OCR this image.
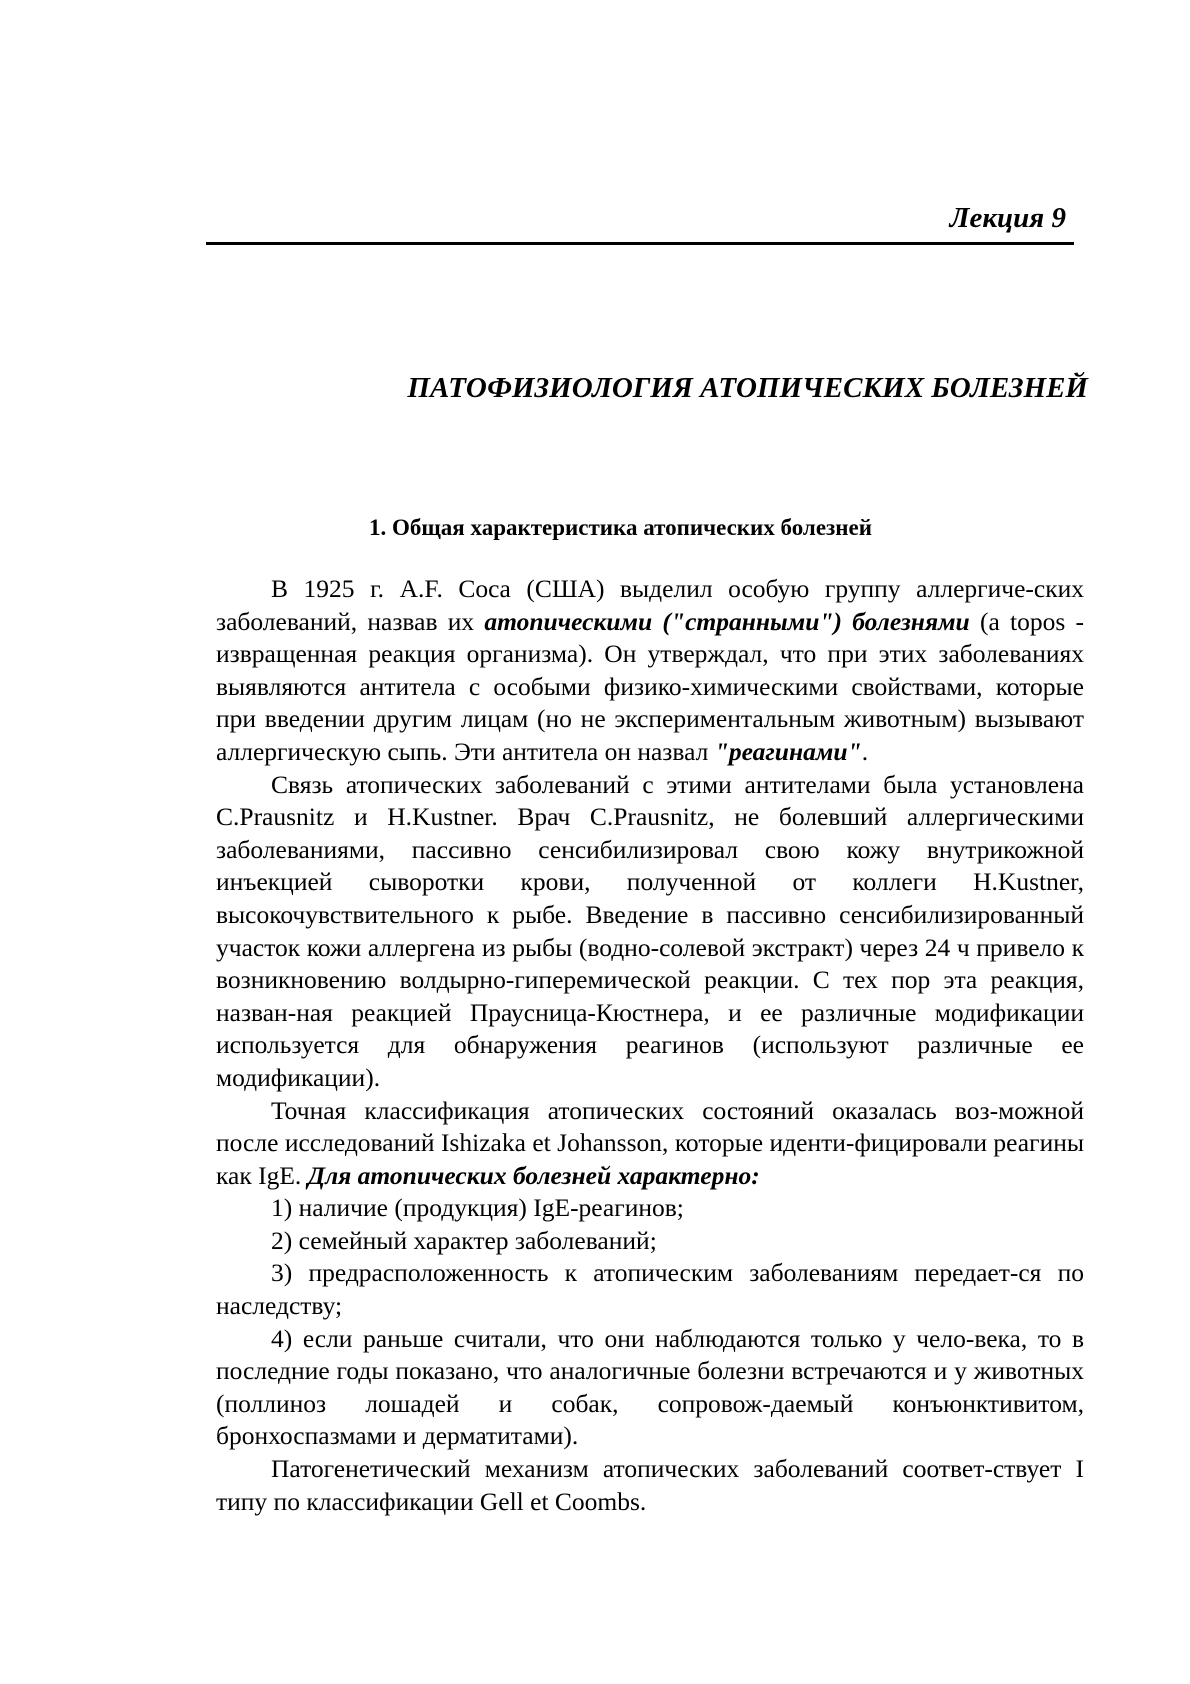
Лекция 9
ПАТОФИЗИОЛОГИЯ АТОПИЧЕСКИХ БОЛЕЗНЕЙ
1. Общая характеристика атопических болезней

В 1925 г. A.F. Coca (США) выделил особую группу аллергиче-ских заболеваний, назвав их атопическими ("странными") болезнями (а topos - извращенная реакция организма). Он утверждал, что при этих заболеваниях выявляются антитела с особыми физико-химическими свойствами, которые при введении другим лицам (но не экспериментальным животным) вызывают аллергическую сыпь. Эти антитела он назвал "реагинами".

Связь атопических заболеваний с этими антителами была установлена C.Prausnitz и H.Kustner. Врач C.Prausnitz, не болевший аллергическими заболеваниями, пассивно сенсибилизировал свою кожу внутрикожной инъекцией сыворотки крови, полученной от коллеги H.Kustner, высокочувствительного к рыбе. Введение в пассивно сенсибилизированный участок кожи аллергена из рыбы (водно-солевой экстракт) через 24 ч привело к возникновению волдырно-гиперемической реакции. С тех пор эта реакция, назван-ная реакцией Праусница-Кюстнера, и ее различные модификации используется для обнаружения реагинов (используют различные ее модификации).

Точная классификация атопических состояний оказалась воз-можной после исследований Ishizaka et Johansson, которые иденти-фицировали реагины как IgE. Для атопических болезней характерно:

1) наличие (продукция) IgE-реагинов;

2) семейный характер заболеваний;

3) предрасположенность к атопическим заболеваниям передает-ся по наследству;

4) если раньше считали, что они наблюдаются только у чело-века, то в последние годы показано, что аналогичные болезни встречаются и у животных (поллиноз лошадей и собак, сопровож-даемый конъюнктивитом, бронхоспазмами и дерматитами).

Патогенетический механизм атопических заболеваний соответ-ствует I типу по классификации Gell et Coombs.
